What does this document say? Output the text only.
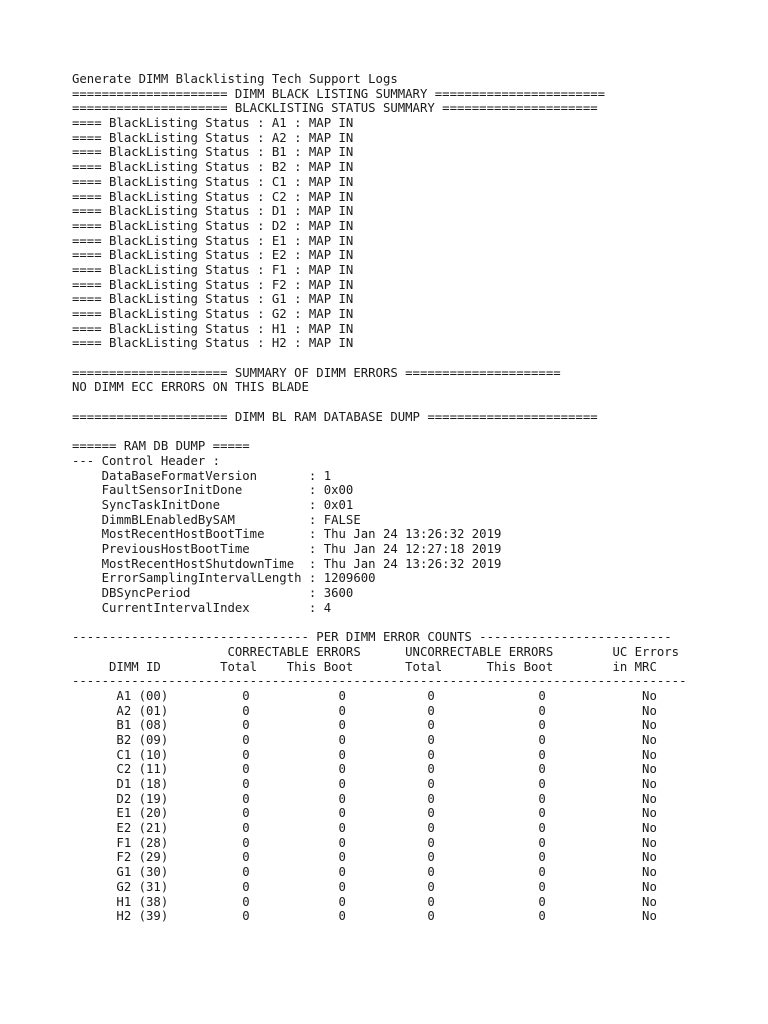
Generate DIMM Blacklisting Tech Support Logs
===================== DIMM BLACK LISTING SUMMARY =======================
===================== BLACKLISTING STATUS SUMMARY =====================
==== BlackListing Status : A1 : MAP IN
==== BlackListing Status : A2 : MAP IN
==== BlackListing Status : B1 : MAP IN
==== BlackListing Status : B2 : MAP IN
==== BlackListing Status : C1 : MAP IN
==== BlackListing Status : C2 : MAP IN
==== BlackListing Status : D1 : MAP IN
==== BlackListing Status : D2 : MAP IN
==== BlackListing Status : E1 : MAP IN
==== BlackListing Status : E2 : MAP IN
==== BlackListing Status : F1 : MAP IN
==== BlackListing Status : F2 : MAP IN
==== BlackListing Status : G1 : MAP IN
==== BlackListing Status : G2 : MAP IN
==== BlackListing Status : H1 : MAP IN
==== BlackListing Status : H2 : MAP IN
===================== SUMMARY OF DIMM ERRORS =====================
NO DIMM ECC ERRORS ON THIS BLADE
===================== DIMM BL RAM DATABASE DUMP =======================
====== RAM DB DUMP =====
--- Control Header :
DataBaseFormatVersion       : 1
FaultSensorInitDone         : 0x00
SyncTaskInitDone            : 0x01
DimmBLEnabledBySAM          : FALSE
MostRecentHostBootTime      : Thu Jan 24 13:26:32 2019
PreviousHostBootTime        : Thu Jan 24 12:27:18 2019
MostRecentHostShutdownTime  : Thu Jan 24 13:26:32 2019
ErrorSamplingIntervalLength : 1209600
DBSyncPeriod                : 3600
CurrentIntervalIndex        : 4
-------------------------------- PER DIMM ERROR COUNTS --------------------------
CORRECTABLE ERRORS      UNCORRECTABLE ERRORS        UC Errors
DIMM ID        Total    This Boot       Total      This Boot        in MRC
-----------------------------------------------------------------------------------
A1 (00)          0            0           0              0             No
A2 (01)          0            0           0              0             No
B1 (08)          0            0           0              0             No
B2 (09)          0            0           0              0             No
C1 (10)          0            0           0              0             No
C2 (11)          0            0           0              0             No
D1 (18)          0            0           0              0             No
D2 (19)          0            0           0              0             No
E1 (20)          0            0           0              0             No
E2 (21)          0            0           0              0             No
F1 (28)          0            0           0              0             No
F2 (29)          0            0           0              0             No
G1 (30)          0            0           0              0             No
G2 (31)          0            0           0              0             No
H1 (38)          0            0           0              0             No
H2 (39)          0            0           0              0             No
